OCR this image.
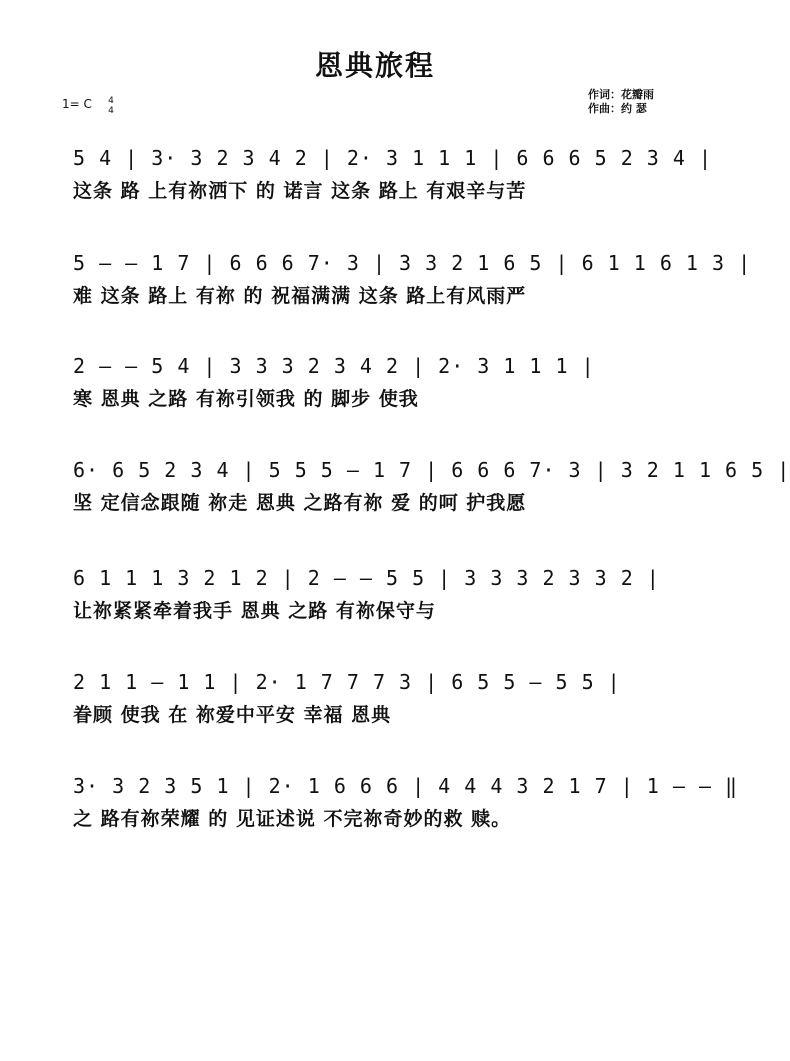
恩典旅程
1= C 4
4
作词：花瓣雨
作曲：约 瑟
5 4 | 3· 3 2 3 4 2 | 2· 3 1 1 1 | 6 6 6 5 2 3 4 |
这条 路 上有祢洒下 的 诺言 这条 路上 有艰辛与苦
5 – – 1 7 | 6 6 6 7· 3 | 3 3 2 1 6 5 | 6 1 1 6 1 3 |
难 这条 路上 有祢 的 祝福满满 这条 路上有风雨严
2 – – 5 4 | 3 3 3 2 3 4 2 | 2· 3 1 1 1 |
寒 恩典 之路 有祢引领我 的 脚步 使我
6· 6 5 2 3 4 | 5 5 5 – 1 7 | 6 6 6 7· 3 | 3 2 1 1 6 5 |
坚 定信念跟随 祢走 恩典 之路有祢 爱 的呵 护我愿
6 1 1 1 3 2 1 2 | 2 – – 5 5 | 3 3 3 2 3 3 2 |
让祢紧紧牵着我手 恩典 之路 有祢保守与
2 1 1 – 1 1 | 2· 1 7 7 7 3 | 6 5 5 – 5 5 |
眷顾 使我 在 祢爱中平安 幸福 恩典
3· 3 2 3 5 1 | 2· 1 6 6 6 | 4 4 4 3 2 1 7 | 1 – – ‖
之 路有祢荣耀 的 见证述说 不完祢奇妙的救 赎。
